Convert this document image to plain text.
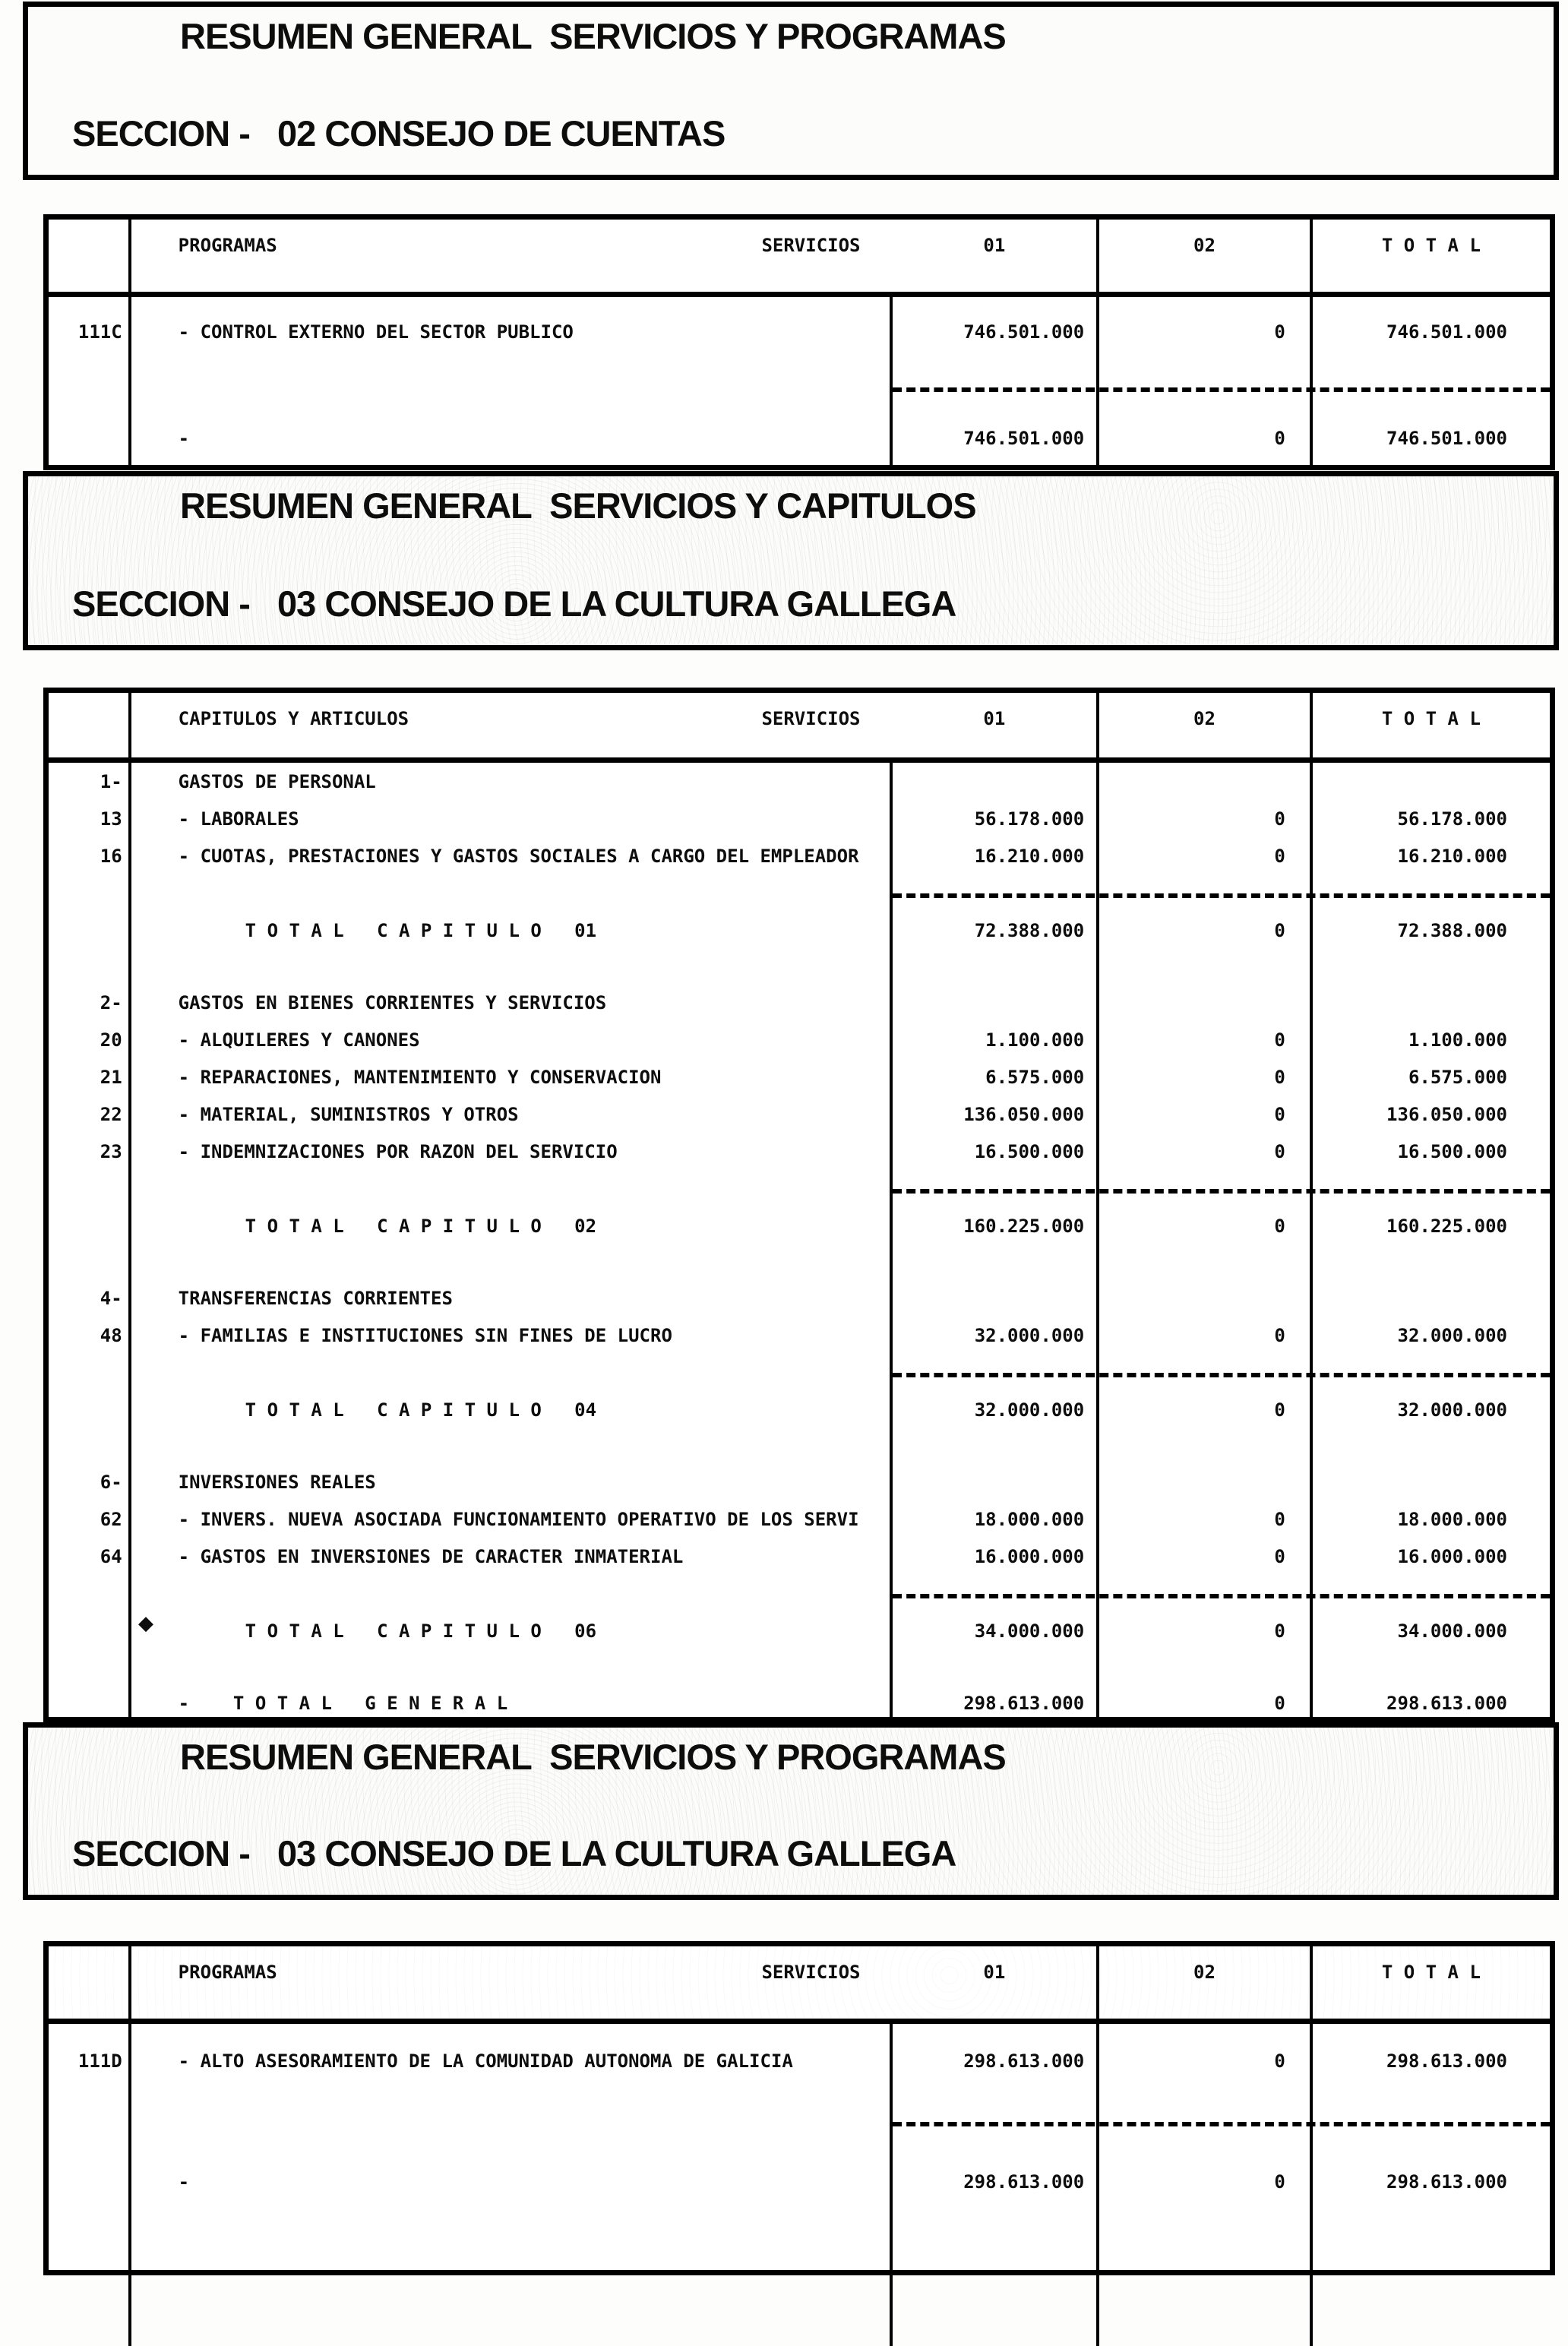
RESUMEN GENERAL  SERVICIOS Y PROGRAMAS
SECCION -   02 CONSEJO DE CUENTAS
PROGRAMAS	SERVICIOS	01	02	T O T A L
111C	- CONTROL EXTERNO DEL SECTOR PUBLICO	746.501.000	0	746.501.000
-	746.501.000	0	746.501.000
RESUMEN GENERAL  SERVICIOS Y CAPITULOS
SECCION -   03 CONSEJO DE LA CULTURA GALLEGA
CAPITULOS Y ARTICULOS	SERVICIOS	01	02	T O T A L
1-	GASTOS DE PERSONAL
13	- LABORALES	56.178.000	0	56.178.000
16	- CUOTAS, PRESTACIONES Y GASTOS SOCIALES A CARGO DEL EMPLEADOR	16.210.000	0	16.210.000
T O T A L   C A P I T U L O   01	72.388.000	0	72.388.000
2-	GASTOS EN BIENES CORRIENTES Y SERVICIOS
20	- ALQUILERES Y CANONES	1.100.000	0	1.100.000
21	- REPARACIONES, MANTENIMIENTO Y CONSERVACION	6.575.000	0	6.575.000
22	- MATERIAL, SUMINISTROS Y OTROS	136.050.000	0	136.050.000
23	- INDEMNIZACIONES POR RAZON DEL SERVICIO	16.500.000	0	16.500.000
T O T A L   C A P I T U L O   02	160.225.000	0	160.225.000
4-	TRANSFERENCIAS CORRIENTES
48	- FAMILIAS E INSTITUCIONES SIN FINES DE LUCRO	32.000.000	0	32.000.000
T O T A L   C A P I T U L O   04	32.000.000	0	32.000.000
6-	INVERSIONES REALES
62	- INVERS. NUEVA ASOCIADA FUNCIONAMIENTO OPERATIVO DE LOS SERVI	18.000.000	0	18.000.000
64	- GASTOS EN INVERSIONES DE CARACTER INMATERIAL	16.000.000	0	16.000.000
T O T A L   C A P I T U L O   06	34.000.000	0	34.000.000
-    T O T A L   G E N E R A L	298.613.000	0	298.613.000
◆
RESUMEN GENERAL  SERVICIOS Y PROGRAMAS
SECCION -   03 CONSEJO DE LA CULTURA GALLEGA
PROGRAMAS	SERVICIOS	01	02	T O T A L
111D	- ALTO ASESORAMIENTO DE LA COMUNIDAD AUTONOMA DE GALICIA	298.613.000	0	298.613.000
-	298.613.000	0	298.613.000
